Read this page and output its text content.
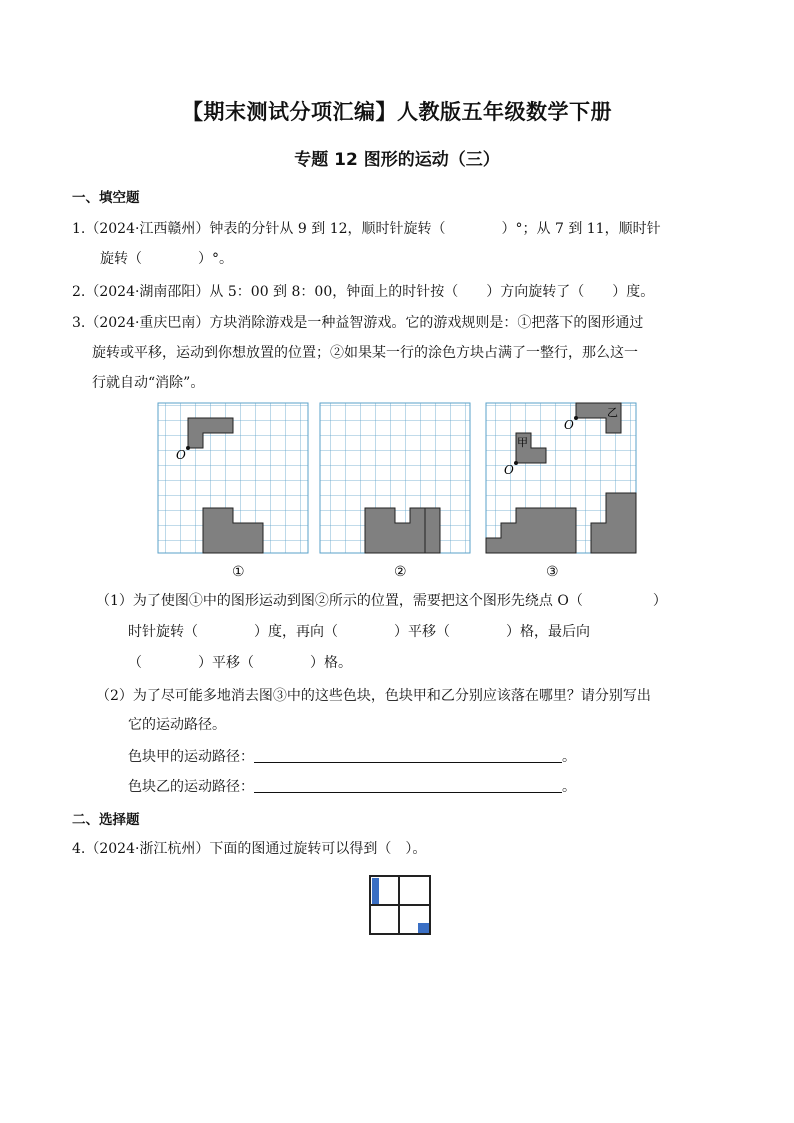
【期末测试分项汇编】人教版五年级数学下册
专题 12 图形的运动（三）
一、填空题
1.（2024·江西赣州）钟表的分针从 9 到 12，顺时针旋转（　　　　）°；从 7 到 11，顺时针
旋转（　　　　）°。
2.（2024·湖南邵阳）从 5：00 到 8：00，钟面上的时针按（　　）方向旋转了（　　）度。
3.（2024·重庆巴南）方块消除游戏是一种益智游戏。它的游戏规则是：①把落下的图形通过
旋转或平移，运动到你想放置的位置；②如果某一行的涂色方块占满了一整行，那么这一
行就自动“消除”。
O
O
O
甲
乙
①	②	③
（1）为了使图①中的图形运动到图②所示的位置，需要把这个图形先绕点 O（　　　　　）
时针旋转（　　　　）度，再向（　　　　）平移（　　　　）格，最后向
（　　　　）平移（　　　　）格。
（2）为了尽可能多地消去图③中的这些色块，色块甲和乙分别应该落在哪里？请分别写出
它的运动路径。
色块甲的运动路径：	。
色块乙的运动路径：	。
二、选择题
4.（2024·浙江杭州）下面的图通过旋转可以得到（　）。
